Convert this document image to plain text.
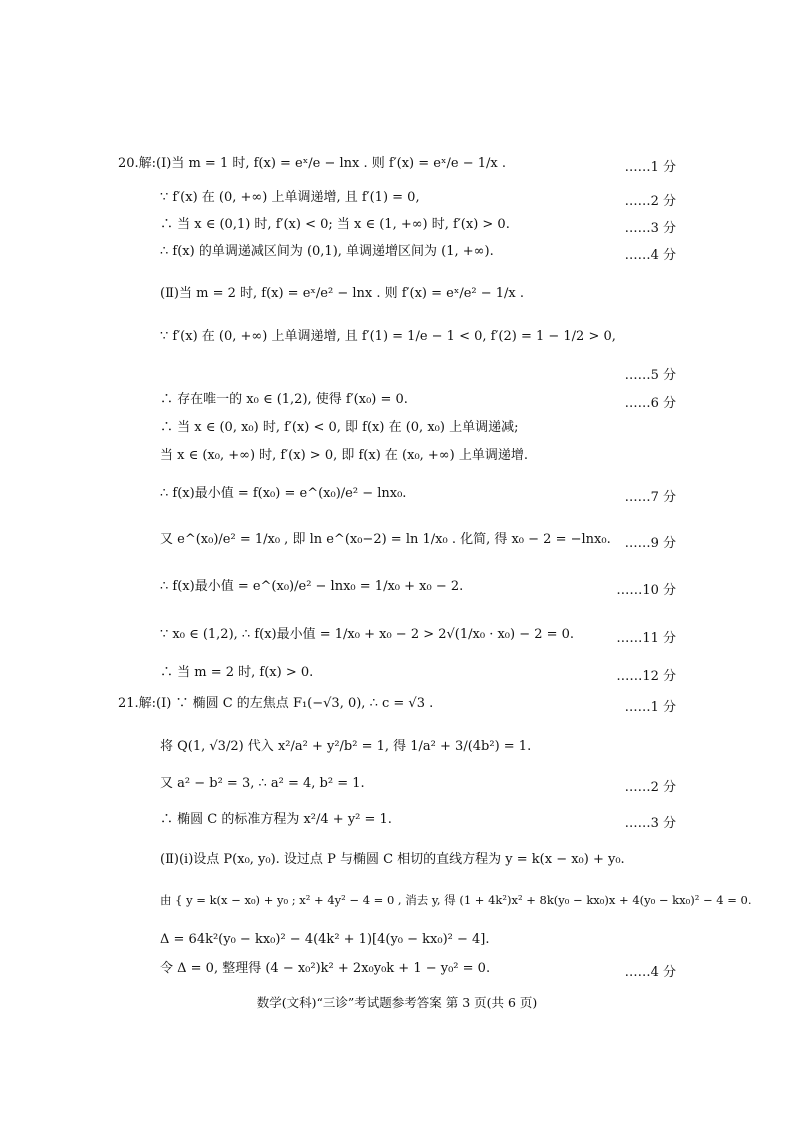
20.解:(Ⅰ)当 m = 1 时, f(x) = eˣ/e − lnx . 则 f′(x) = eˣ/e − 1/x .	……1 分
∵ f′(x) 在 (0, +∞) 上单调递增, 且 f′(1) = 0,	……2 分
∴ 当 x ∈ (0,1) 时, f′(x) < 0; 当 x ∈ (1, +∞) 时, f′(x) > 0.	……3 分
∴ f(x) 的单调递减区间为 (0,1), 单调递增区间为 (1, +∞).	……4 分
(Ⅱ)当 m = 2 时, f(x) = eˣ/e² − lnx . 则 f′(x) = eˣ/e² − 1/x .
∵ f′(x) 在 (0, +∞) 上单调递增, 且 f′(1) = 1/e − 1 < 0, f′(2) = 1 − 1/2 > 0,
……5 分
∴ 存在唯一的 x₀ ∈ (1,2), 使得 f′(x₀) = 0.	……6 分
∴ 当 x ∈ (0, x₀) 时, f′(x) < 0, 即 f(x) 在 (0, x₀) 上单调递减;
当 x ∈ (x₀, +∞) 时, f′(x) > 0, 即 f(x) 在 (x₀, +∞) 上单调递增.
∴ f(x)最小值 = f(x₀) = e^(x₀)/e² − lnx₀.	……7 分
又 e^(x₀)/e² = 1/x₀ , 即 ln e^(x₀−2) = ln 1/x₀ . 化简, 得 x₀ − 2 = −lnx₀. ……9 分
∴ f(x)最小值 = e^(x₀)/e² − lnx₀ = 1/x₀ + x₀ − 2.	……10 分
∵ x₀ ∈ (1,2), ∴ f(x)最小值 = 1/x₀ + x₀ − 2 > 2√(1/x₀ · x₀) − 2 = 0.	……11 分
∴ 当 m = 2 时, f(x) > 0.	……12 分
21.解:(Ⅰ) ∵ 椭圆 C 的左焦点 F₁(−√3, 0), ∴ c = √3 .	……1 分
将 Q(1, √3/2) 代入 x²/a² + y²/b² = 1, 得 1/a² + 3/(4b²) = 1.
又 a² − b² = 3, ∴ a² = 4, b² = 1.	……2 分
∴ 椭圆 C 的标准方程为 x²/4 + y² = 1.	……3 分
(Ⅱ)(i)设点 P(x₀, y₀). 设过点 P 与椭圆 C 相切的直线方程为 y = k(x − x₀) + y₀.
由 { y = k(x − x₀) + y₀ ; x² + 4y² − 4 = 0 , 消去 y, 得 (1 + 4k²)x² + 8k(y₀ − kx₀)x + 4(y₀ − kx₀)² − 4 = 0.
Δ = 64k²(y₀ − kx₀)² − 4(4k² + 1)[4(y₀ − kx₀)² − 4].
令 Δ = 0, 整理得 (4 − x₀²)k² + 2x₀y₀k + 1 − y₀² = 0.	……4 分
数学(文科)“三诊”考试题参考答案 第 3 页(共 6 页)
